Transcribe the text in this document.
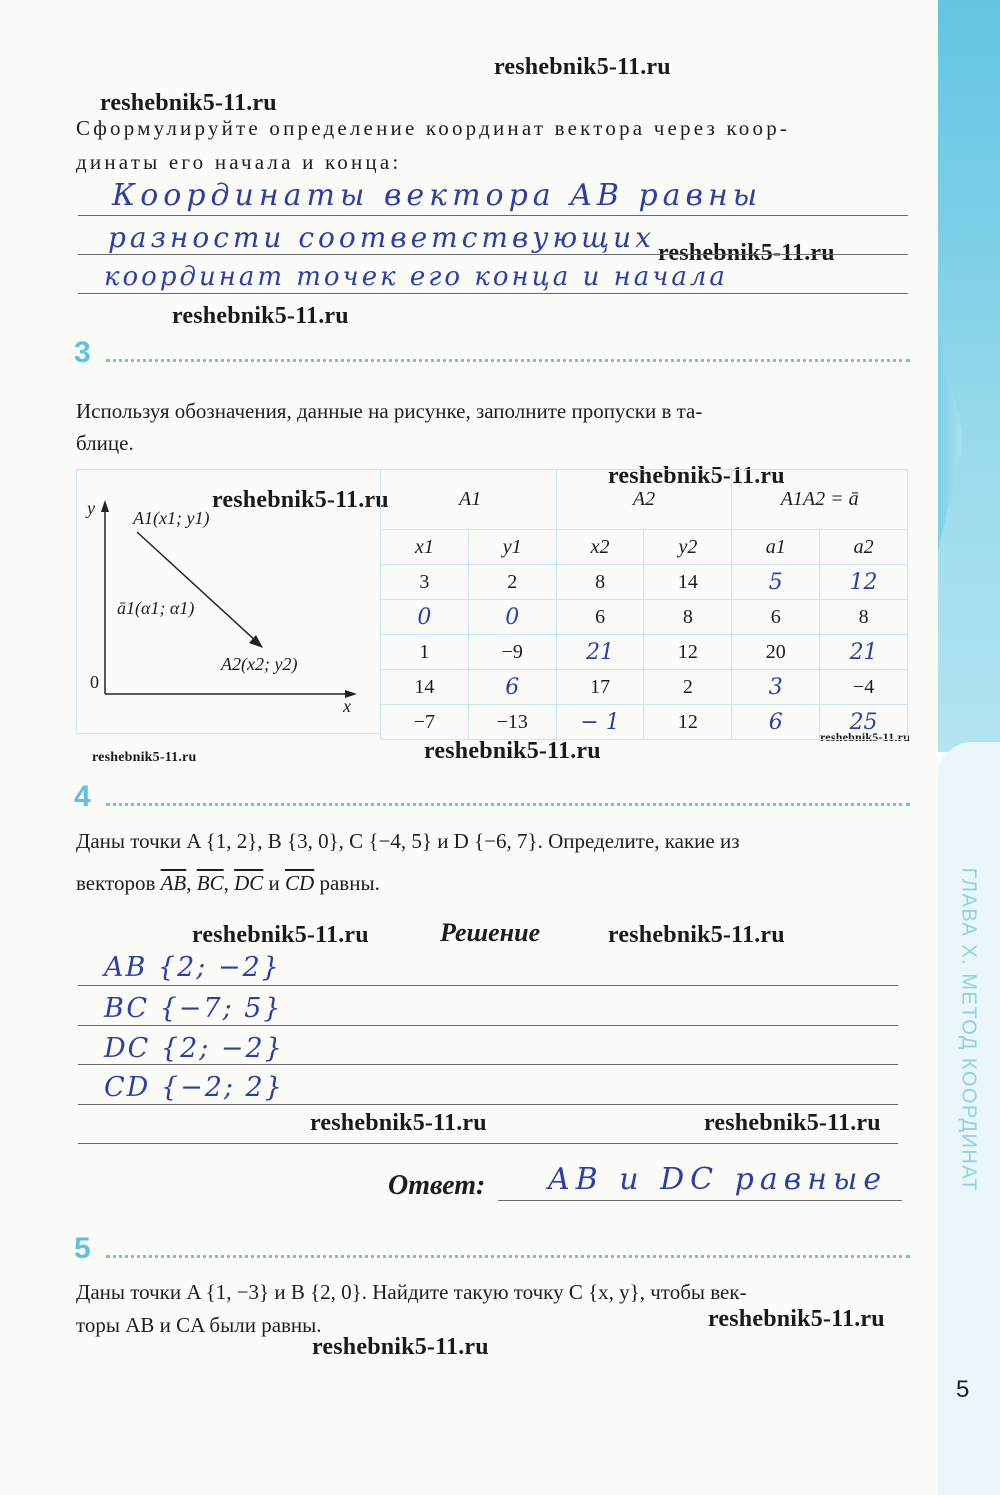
ГЛАВА X. МЕТОД КООРДИНАТ
reshebnik5-11.ru
reshebnik5-11.ru
reshebnik5-11.ru
reshebnik5-11.ru
reshebnik5-11.ru
reshebnik5-11.ru
reshebnik5-11.ru	reshebnik5-11.ru
reshebnik5-11.ru
reshebnik5-11.ru	reshebnik5-11.ru
reshebnik5-11.ru	reshebnik5-11.ru
reshebnik5-11.ru
reshebnik5-11.ru
Сформулируйте определение координат вектора через коор-
динаты его начала и конца:
Координаты вектора AB равны
разности соответствующих
координат точек его конца и начала
3
Используя обозначения, данные на рисунке, заполните пропуски в та-
блице.
y
x
0
A1(x1; y1)
ā1(α1; α1)
A2(x2; y2)
A1		A2		A1A2 = ā	
x1	y1	x2	y2	a1	a2
3	2	8	14	5	12
0	0	6	8	6	8
1	−9	21	12	20	21
14	6	17	2	3	−4
−7	−13	− 1	12	6	25
4
Даны точки A {1, 2}, B {3, 0}, C {−4, 5} и D {−6, 7}. Определите, какие из
векторов $\overline{AB}$, $\overline{BC}$, $\overline{DC}$ и $\overline{CD}$ равны.
Решение
AB {2; −2}
BC {−7; 5}
DC {2; −2}
CD {−2; 2}
Ответ: AB и DC равные
5
Даны точки A {1, −3} и B {2, 0}. Найдите такую точку C {x, y}, чтобы век-
торы AB и CA были равны.
5
